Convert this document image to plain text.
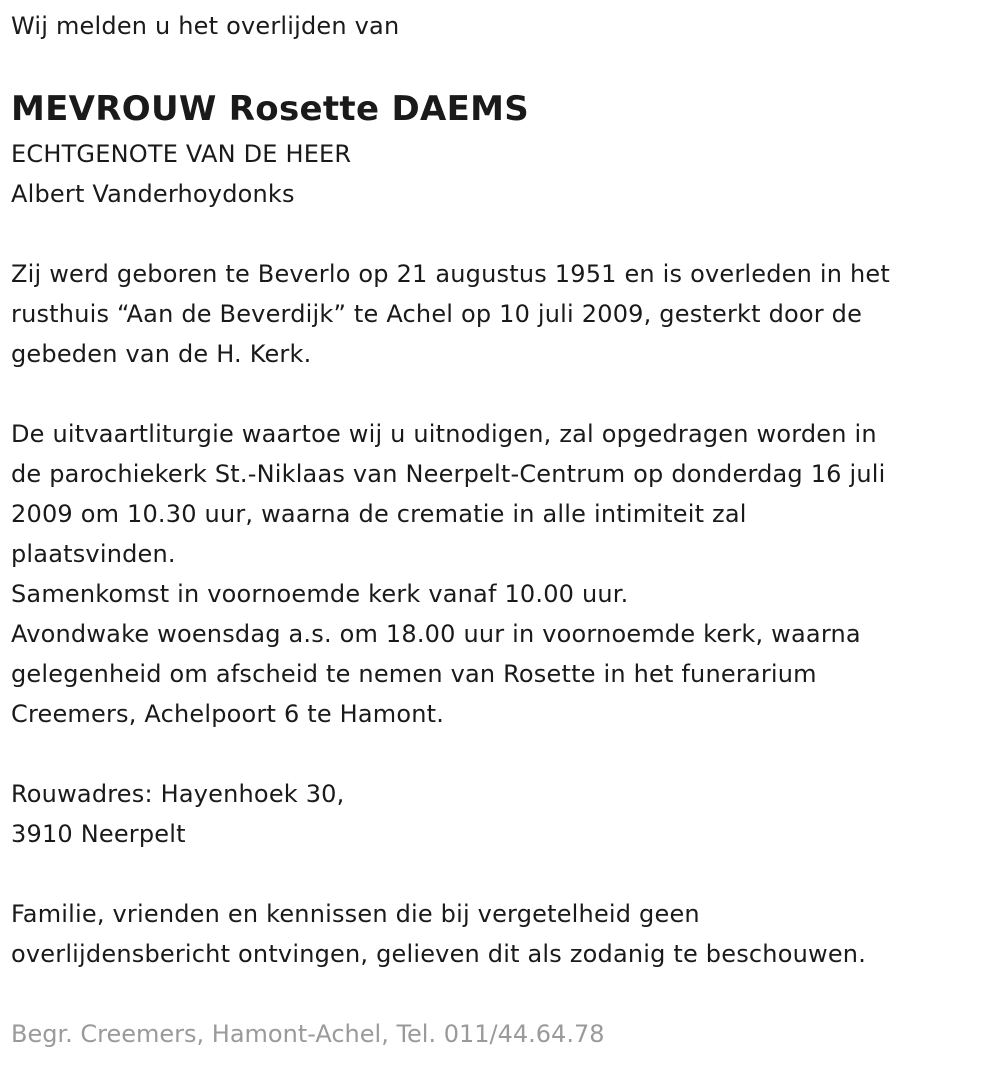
Wij melden u het overlijden van
MEVROUW Rosette DAEMS
ECHTGENOTE VAN DE HEER
Albert Vanderhoydonks
Zij werd geboren te Beverlo op 21 augustus 1951 en is overleden in het
rusthuis “Aan de Beverdijk” te Achel op 10 juli 2009, gesterkt door de
gebeden van de H. Kerk.
De uitvaartliturgie waartoe wij u uitnodigen, zal opgedragen worden in
de parochiekerk St.-Niklaas van Neerpelt-Centrum op donderdag 16 juli
2009 om 10.30 uur, waarna de crematie in alle intimiteit zal
plaatsvinden.
Samenkomst in voornoemde kerk vanaf 10.00 uur.
Avondwake woensdag a.s. om 18.00 uur in voornoemde kerk, waarna
gelegenheid om afscheid te nemen van Rosette in het funerarium
Creemers, Achelpoort 6 te Hamont.
Rouwadres: Hayenhoek 30,
3910 Neerpelt
Familie, vrienden en kennissen die bij vergetelheid geen
overlijdensbericht ontvingen, gelieven dit als zodanig te beschouwen.
Begr. Creemers, Hamont-Achel, Tel. 011/44.64.78
